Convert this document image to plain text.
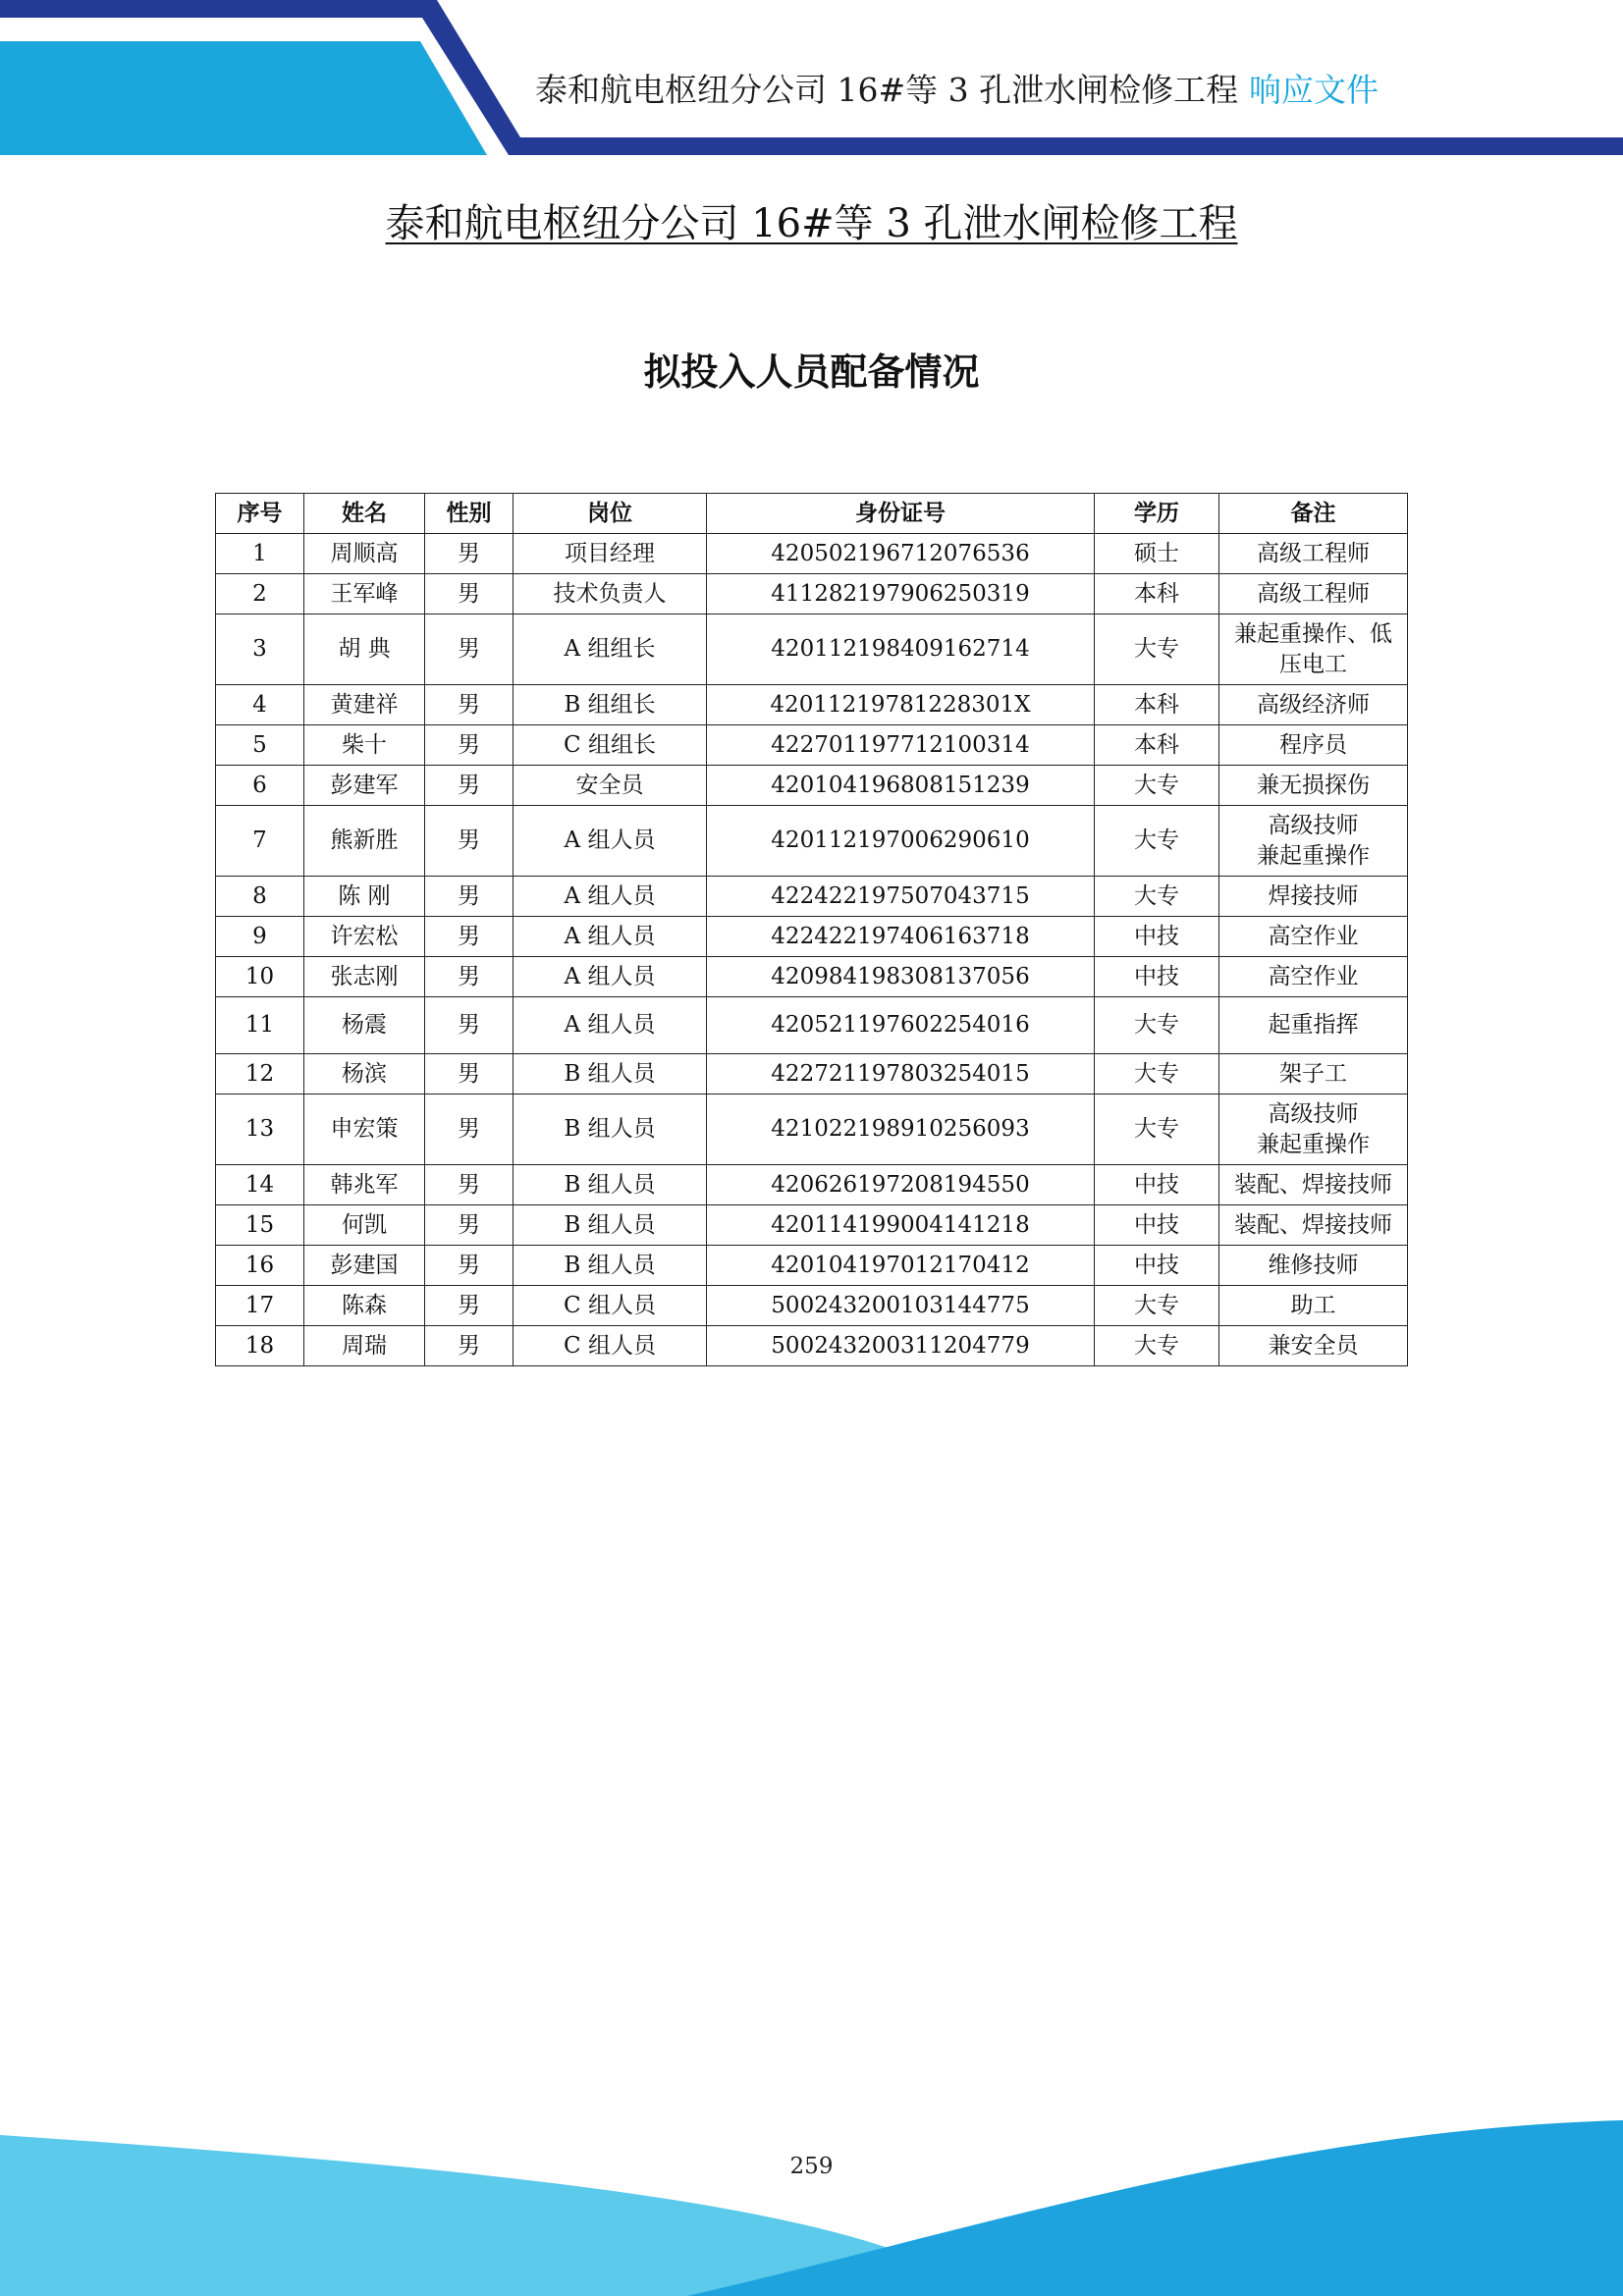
泰和航电枢纽分公司 16#等 3 孔泄水闸检修工程 响应文件
泰和航电枢纽分公司 16#等 3 孔泄水闸检修工程
拟投入人员配备情况
序号	姓名	性别	岗位	身份证号	学历	备注
1	周顺高	男	项目经理	420502196712076536	硕士	高级工程师
2	王军峰	男	技术负责人	411282197906250319	本科	高级工程师
3	胡 典	男	A 组组长	420112198409162714	大专	兼起重操作、低
压电工
4	黄建祥	男	B 组组长	42011219781228301X	本科	高级经济师
5	柴十	男	C 组组长	422701197712100314	本科	程序员
6	彭建军	男	安全员	420104196808151239	大专	兼无损探伤
7	熊新胜	男	A 组人员	420112197006290610	大专	高级技师
兼起重操作
8	陈 刚	男	A 组人员	422422197507043715	大专	焊接技师
9	许宏松	男	A 组人员	422422197406163718	中技	高空作业
10	张志刚	男	A 组人员	420984198308137056	中技	高空作业
11	杨震	男	A 组人员	420521197602254016	大专	起重指挥
12	杨滨	男	B 组人员	422721197803254015	大专	架子工
13	申宏策	男	B 组人员	421022198910256093	大专	高级技师
兼起重操作
14	韩兆军	男	B 组人员	420626197208194550	中技	装配、焊接技师
15	何凯	男	B 组人员	420114199004141218	中技	装配、焊接技师
16	彭建国	男	B 组人员	420104197012170412	中技	维修技师
17	陈森	男	C 组人员	500243200103144775	大专	助工
18	周瑞	男	C 组人员	500243200311204779	大专	兼安全员
259
